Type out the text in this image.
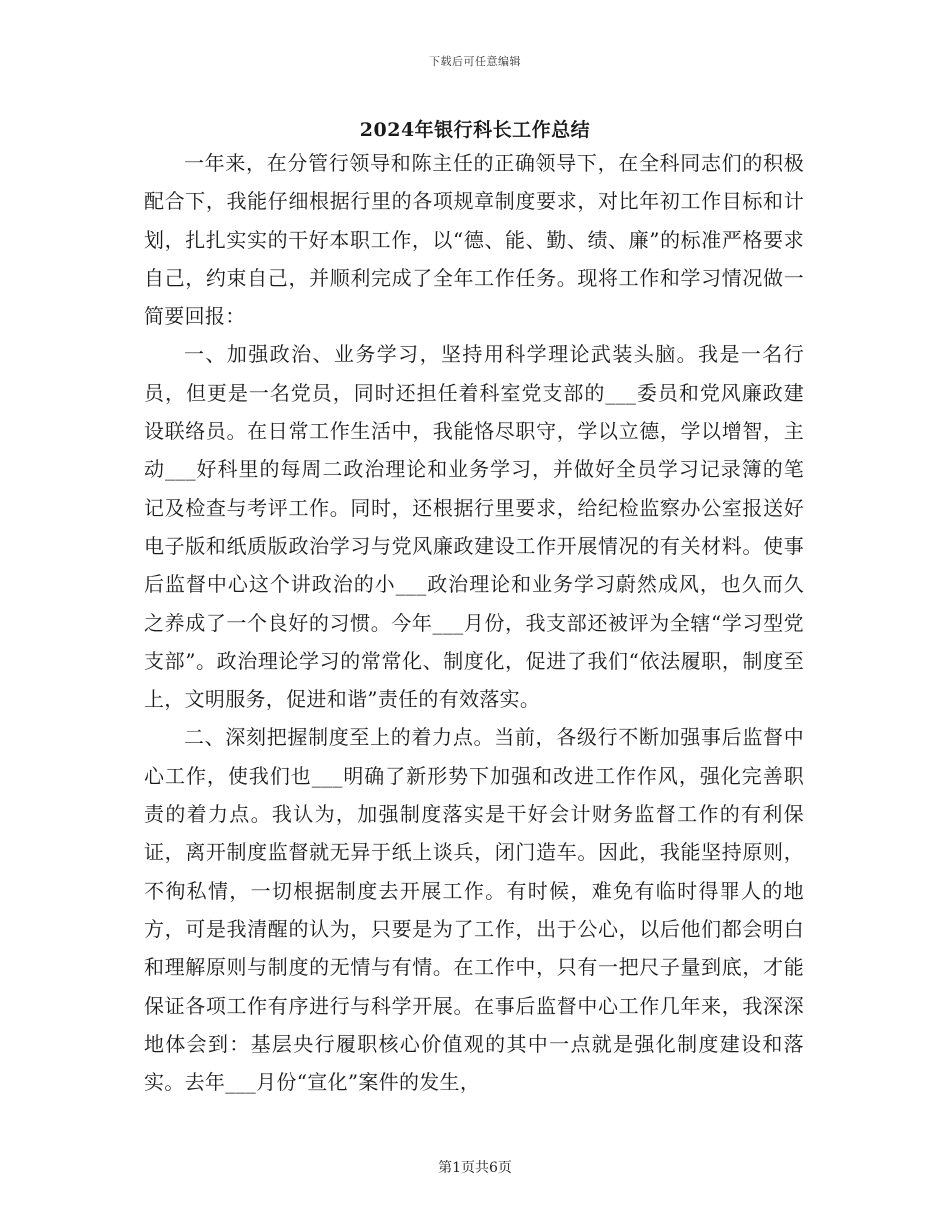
下载后可任意编辑
2024年银行科长工作总结

一年来，在分管行领导和陈主任的正确领导下，在全科同志们的积极配合下，我能仔细根据行里的各项规章制度要求，对比年初工作目标和计划，扎扎实实的干好本职工作，以“德、能、勤、绩、廉”的标准严格要求自己，约束自己，并顺利完成了全年工作任务。现将工作和学习情况做一简要回报：

一、加强政治、业务学习，坚持用科学理论武装头脑。我是一名行员，但更是一名党员，同时还担任着科室党支部的___委员和党风廉政建设联络员。在日常工作生活中，我能恪尽职守，学以立德，学以增智，主动___好科里的每周二政治理论和业务学习，并做好全员学习记录簿的笔记及检查与考评工作。同时，还根据行里要求，给纪检监察办公室报送好电子版和纸质版政治学习与党风廉政建设工作开展情况的有关材料。使事后监督中心这个讲政治的小___政治理论和业务学习蔚然成风，也久而久之养成了一个良好的习惯。今年___月份，我支部还被评为全辖“学习型党支部”。政治理论学习的常常化、制度化，促进了我们“依法履职，制度至上，文明服务，促进和谐”责任的有效落实。

二、深刻把握制度至上的着力点。当前，各级行不断加强事后监督中心工作，使我们也___明确了新形势下加强和改进工作作风，强化完善职责的着力点。我认为，加强制度落实是干好会计财务监督工作的有利保证，离开制度监督就无异于纸上谈兵，闭门造车。因此，我能坚持原则，不徇私情，一切根据制度去开展工作。有时候，难免有临时得罪人的地方，可是我清醒的认为，只要是为了工作，出于公心，以后他们都会明白和理解原则与制度的无情与有情。在工作中，只有一把尺子量到底，才能保证各项工作有序进行与科学开展。在事后监督中心工作几年来，我深深地体会到：基层央行履职核心价值观的其中一点就是强化制度建设和落实。去年___月份“宣化”案件的发生，

第1页共6页
